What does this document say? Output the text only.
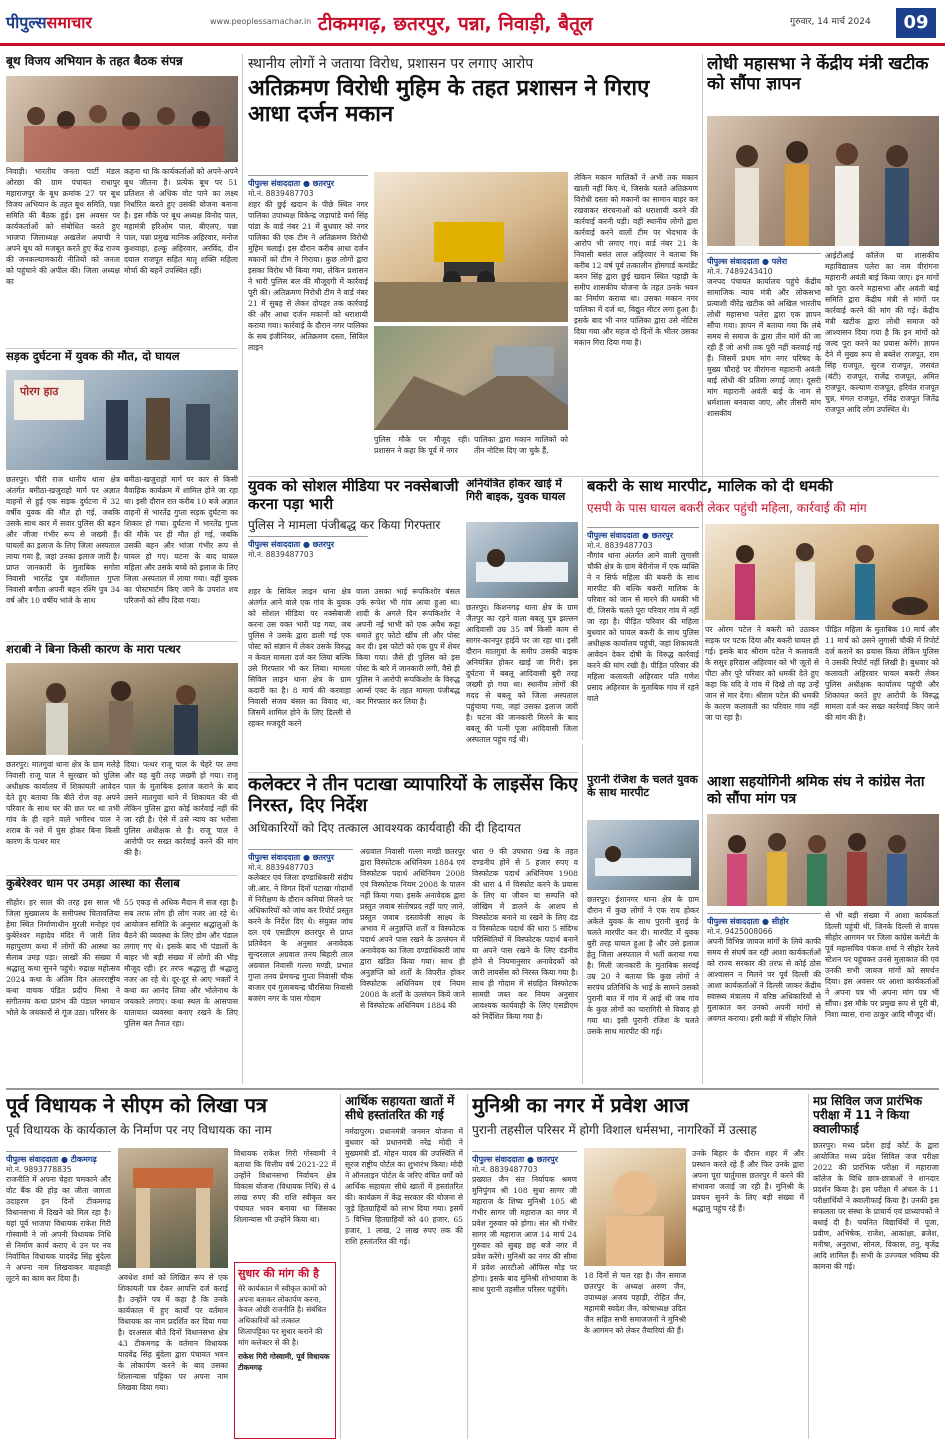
पीपुल्ससमाचार	www.peoplessamachar.in टीकमगढ़, छतरपुर, पन्ना, निवाड़ी, बैतूल	गुरुवार, 14 मार्च 2024	09
बूथ विजय अभियान के तहत बैठक संपन्न
निवाड़ी। भारतीय जनता पार्टी मंडल ओरछा की ग्राम पंचायत राधापुर महाराजपुर के बूथ क्रमांक 27 पर बूथ विजय अभियान के तहत बूथ समिति, पन्ना समिति की बैठक हुई। इस अवसर पर कार्यकर्ताओं को संबोधित करते हुए भाजपा जिलाध्यक्ष अखलेश अयाची ने अपने बूथ को मजबूत करते हुए केंद्र राज्य की जनकल्याणकारी नीतियों को जनता को पहुंचाने की अपील की। जिला अध्यक्ष का
कहना था कि कार्यकर्ताओं को अपने-अपने बूथ जीतना है। प्रत्येक बूथ पर 51 प्रतिशत से अधिक वोट पाने का लक्ष्य निर्धारित करते हुए उसकी योजना बनाना है। इस मौके पर बूथ अध्यक्ष विनोद पाल, महामंत्री हरिओम पाल, बीएलए, पन्ना पाल, पन्ना प्रमुख मानिक अहिरवार, मनोज कुशवाहा, हल्कू अहिरवार, अरविंद, दीन दयाल राजपूत सहित मातृ शक्ति महिला मोर्चा की बहनें उपस्थित रहीं।
सड़क दुर्घटना में युवक की मौत, दो घायल
पोरग हाउ
छतरपुर। चौरी राज थानीय थाना क्षेत्र अंतर्गत बमीठा-खजुराहो मार्ग पर अज्ञात वाहनों से हुई एक सड़क दुर्घटना में 32 वर्षीय युवक की मौत हो गई, जबकि उसके साथ कार में सवार पुलिस की बहन और जीजा गंभीर रूप से जख्मी हैं। घायलों का इलाज के लिए जिला अस्पताल लाया गया है, जहां उनका इलाज जारी है। प्राप्त जानकारी के मुताबिक सगोरा निवासी भारतेंद्र पुत्र वंशीलाल गुप्ता निवासी बगौता अपनी बहन रश्मि पुत्र 34 वर्ष और 10 वर्षीय भांजे के साथ
बमीठा-खजुराहो मार्ग पर कार से किसी वैवाहिक कार्यक्रम में शामिल होने जा रहा था। इसी दौरान रात करीब 10 बजे अज्ञात वाहनों से भारतेंद्र गुप्ता सड़क दुर्घटना का शिकार हो गया। दुर्घटना में भारतेंद्र गुप्ता की मौके पर ही मौत हो गई, जबकि उसकी बहन और भांजा गंभीर रूप से घायल हो गए। घटना के बाद घायल महिला और उसके बच्चे को इलाज के लिए जिला अस्पताल में लाया गया। वहीं युवक का पोस्टमार्टम किए जाने के उपरांत शव परिजनों को सौंप दिया गया।
शराबी ने बिना किसी कारण के मारा पत्थर
छतरपुर। मातगुवां थाना क्षेत्र के ग्राम मलेहे निवासी राजू पाल ने सुरखार को पुलिस अधीक्षक कार्यालय में शिकायती आवेदन देते हुए बताया कि बीते रोज वह अपने परिवार के साथ घर की छत पर था तभी गांव के ही रहने वाले भगीरथ पाल ने शराब के नशे में घुस होकर बिना किसी कारण के पत्थर मार
दिया। पत्थर राजू पाल के चेहरे पर लगा और वह बुरी तरह जख्मी हो गया। राजू पाल के मुताबिक इलाज कराने के बाद उसने मातगुवां थाने में शिकायत की थी लेकिन पुलिस द्वारा कोई कार्रवाई नहीं की जा रही है। ऐसे में उसे न्याय का भरोसा पुलिस अधीक्षक से है। राजू पाल ने आरोपी पर सख्त कार्रवाई करने की मांग की है।
कुबेरेश्वर धाम पर उमड़ा आस्था का सैलाब
सीहोर। हर साल की तरह इस साल भी जिला मुख्यालय के समीपस्थ चितावलिया हेमा स्थित निर्माणाधीन मुरली मनोहर एवं कुबेरेश्वर महादेव मंदिर में जारी शिव महापुराण कथा में लोगों की आस्था का सैलाब उमड़ पड़ा। लाखों की संख्या में श्रद्धालु कथा सुनने पहुंचे। रुद्राक्ष महोत्सव 2024 कथा के अंतिम दिन अंतरराष्ट्रीय कथा वाचक पंडित प्रदीप मिश्रा ने संगीतमय कथा प्रारंभ की पंडाल भगवान भोले के जयकारों से गूंज उठा। परिसर के
55 एकड़ से अधिक मैदान में सज रहा है। सब तरफ लोग ही लोग नजर आ रहे थे। आयोजन समिति के अनुसार श्रद्धालुओं के बैठने की व्यवस्था के लिए डोम और पंडाल लगाए गए थे। इसके बाद भी पंडालों के बाहर भी बड़ी संख्या में लोगों की भीड़ मौजूद रही। हर तरफ श्रद्धालु ही श्रद्धालु नजर आ रहे थे। दूर-दूर से आए भक्तों ने कथा का आनंद लिया और भोलेनाथ के जयकारे लगाए। कथा स्थल के आसपास यातायात व्यवस्था बनाए रखने के लिए पुलिस बल तैनात रहा।
स्थानीय लोगों ने जताया विरोध, प्रशासन पर लगाए आरोप
अतिक्रमण विरोधी मुहिम के तहत प्रशासन ने गिराए आधा दर्जन मकान
पीपुल्स संवाददाता ● छतरपुर
मो.नं. 8839487703
शहर की छुई खदान के पीछे स्थित नगर पालिका उपाध्यक्ष विकेन्द्र जड़ापांडे वर्मा सिंह पांडा के वार्ड नंबर 21 में बुधवार को नगर पालिका की एक टीम ने अतिक्रमण विरोधी मुहिम चलाई। इस दौरान करीब आधा दर्जन मकानों को टीम ने गिराया। कुछ लोगों द्वारा इसका विरोध भी किया गया, लेकिन प्रशासन ने भारी पुलिस बल की मौजूदगी में कार्रवाई पूरी की। अतिक्रमण निरोधी टीम ने वार्ड नंबर 21 में सुबह से लेकर दोपहर तक कार्रवाई की और आधा दर्जन मकानों को धराशायी कराया गया। कार्रवाई के दौरान नगर पालिका के सब इंजीनियर, अतिक्रमण दस्ता, सिविल लाइन
पुलिस मौके पर मौजूद रही। प्रशासन ने कहा कि पूर्व में नगर
पालिका द्वारा मकान मालिकों को तीन नोटिस दिए जा चुके हैं,
लेकिन मकान मालिकों ने अभी तक मकान खाली नहीं किए थे, जिसके चलते अतिक्रमण विरोधी दस्ता को मकानों का सामान बाहर कर रखवाकर संरचनाओं को धराशायी करने की कार्रवाई करनी पड़ी। वहीं स्थानीय लोगों द्वारा कार्रवाई करने वालों टीम पर भेदभाव के आरोप भी लगाए गए। वार्ड नंबर 21 के निवासी बसंत लाल अहिरवार ने बताया कि करीब 12 वर्ष पूर्व तत्कालीन होमगार्ड कमांडेंट करन सिंह द्वारा छुई खदान स्थित पहाड़ी के समीप शासकीय योजना के तहत उनके भवन का निर्माण कराया था। उसका मकान नगर पालिका में दर्ज था, विद्युत मीटर लगा हुआ है। इसके बाद भी नगर पालिका द्वारा उसे नोटिस दिया गया और महज दो दिनों के भीतर उसका मकान गिरा दिया गया है।
लोधी महासभा ने केंद्रीय मंत्री खटीक को सौंपा ज्ञापन
पीपुल्स संवाददाता ● पलेरा
मो.नं. 7489243410
जनपद पंचायत कार्यालय पहुंचे केंद्रीय सामाजिक न्याय मंत्री और लोकसभा प्रत्याशी वीरेंद्र खटीक को अखिल भारतीय लोधी महासभा पलेरा द्वारा एक ज्ञापन सौंपा गया। ज्ञापन में बताया गया कि लंबे समय से समाज के द्वारा तीन मांगें की जा रही हैं जो अभी तक पूरी नहीं करवाई गई हैं। जिसमें प्रथम मांग नगर परिषद के मुख्य चौराहे पर वीरांगना महारानी अवंती बाई लोधी की प्रतिमा लगाई जाए। दूसरी मांग महारानी अवंती बाई के नाम से धर्मशाला बनवाया जाए, और तीसरी मांग शासकीय
आईटीआई कॉलेज या शासकीय महाविद्यालय पलेरा का नाम वीरांगना महारानी अवंती बाई किया जाए। इन मांगों को पूरा करने महासभा और अवंती बाई समिति द्वारा केंद्रीय मंत्री से मांगों पर कार्रवाई करने की मांग की गई। केंद्रीय मंत्री खटीक द्वारा लोधी समाज को आश्वासन दिया गया है कि इन मांगों को जल्द पूरा करने का प्रयास करेंगे। ज्ञापन देने में मुख्य रूप से बब्लेश राजपूत, राम सिंह राजपूत, सुरज राजपूत, जसवंत (बंटी) राजपूत, राजेंद्र राजपूत, अमित राजपूत, कल्याण राजपूत, हरिवंत राजपूत चुन्न, मंगल राजपूत, रविंद्र राजपूत जितेंद्र राजपूत आदि लोग उपस्थित थे।
युवक को सोशल मीडिया पर नक्सेबाजी करना पड़ा भारी
पुलिस ने मामला पंजीबद्ध कर किया गिरफ्तार
पीपुल्स संवाददाता ● छतरपुर
मो.नं. 8839487703
शहर के सिविल लाइन थाना क्षेत्र अंतर्गत आने वाले एक गांव के युवक को सोशल मीडिया पर नक्सेबाजी करना उस वक्त भारी पड़ गया, जब पुलिस ने उसके द्वारा डाली गई एक पोस्ट को संज्ञान में लेकर उसके विरुद्ध न केवल मामला दर्ज कर लिया बल्कि उसे गिरफ्तार भी कर लिया। मामला सिविल लाइन थाना क्षेत्र के ग्राम कदारी का है। 8 मार्च की करवाहा निवासी संजय बंसल का विवाद था, जिसमें शामिल होने के लिए डिल्ली से रहकर मजदूरी करने
वाला उसका भाई रूपकिशोर बंसल उर्फ रूपेश भी गांव आया हुआ था। शादी के अगले दिन रूपकिशोर ने अपनी नई भाभी को एक अवैध कट्टा थमाते हुए फोटो खींच ली और पोस्ट कर दी। इस फोटो को एक ग्रुप में शेयर किया गया। जैसे ही पुलिस को इस पोस्ट के बारे में जानकारी लगी, वैसे ही पुलिस ने आरोपी रूपकिशोर के विरुद्ध आर्म्स एक्ट के तहत मामला पंजीबद्ध कर गिरफ्तार कर लिया है।
अनियंत्रित होकर खाई में गिरी बाइक, युवक घायल
छतरपुर। किशनगढ़ थाना क्षेत्र के ग्राम जैतपुर का रहने वाला बबलू पुत्र झल्लन आदिवासी उम्र 35 वर्ष किसी काम से सागर-कानपुर हाईवे पर जा रहा था। इसी दौरान मातगुवां के समीप उसकी बाइक अनियंत्रित होकर खाई जा गिरी। इस दुर्घटना में बबलू आदिवासी बुरी तरह जख्मी हो गया था। स्थानीय लोगों की मदद से बबलू को जिला अस्पताल पहुंचाया गया, जहां उसका इलाज जारी है। घटना की जानकारी मिलने के बाद बबलू की पत्नी पूजा आदिवासी जिला अस्पताल पहुंच गई थी।
बकरी के साथ मारपीट, मालिक को दी धमकी
एसपी के पास घायल बकरी लेकर पहुंची महिला, कार्रवाई की मांग
पीपुल्स संवाददाता ● छतरपुर
मो.नं. 8839487703
नौगांव थाना अंतर्गत आने वाली लुगासी चौकी क्षेत्र के ग्राम बेरीनोज में एक व्यक्ति ने न सिर्फ महिला की बकरी के साथ मारपीट की बल्कि बकरी मालिक के परिवार को जान से मारने की धमकी भी दी, जिसके चलते पूरा परिवार गांव में नहीं जा रहा है। पीड़ित परिवार की महिला बुधवार को घायल बकरी के साथ पुलिस अधीक्षक कार्यालय पहुंची, जहां शिकायती आवेदन देकर दोषी के विरुद्ध कार्रवाई करने की मांग रखी है। पीड़ित परिवार की महिला कलावती अहिरवार पति गणेश प्रसाद अहिरवार के मुताबिक गांव में रहने वाले
पर ओरम पटेल ने बकरी को उठाकर सड़क पर पटक दिया और बकरी घायल हो गई। इसके बाद श्रीराम पटेल ने कलावती के ससुर हरिदास अहिरवार को भी जूतों से पीटा और पूरे परिवार को धमकी देते हुए कहा कि यदि वे गांव में दिखे तो वह उन्हें जान से मार देगा। श्रीराम पटेल की धमकी के कारण कलावती का परिवार गांव नहीं जा पा रहा है।
पीड़ित महिला के मुताबिक 10 मार्च और 11 मार्च को उसने लुगासी चौकी में रिपोर्ट दर्ज कराने का प्रयास किया लेकिन पुलिस ने उसकी रिपोर्ट नहीं लिखी है। बुधवार को कलावती अहिरवार घायल बकरी लेकर पुलिस अधीक्षक कार्यालय पहुंची और शिकायत करते हुए आरोपी के विरुद्ध मामला दर्ज कर सख्त कार्रवाई किए जाने की मांग की है।
कलेक्टर ने तीन पटाखा व्यापारियों के लाइसेंस किए निरस्त, दिए निर्देश
अधिकारियों को दिए तत्काल आवश्यक कार्यवाही की दी हिदायत
पीपुल्स संवाददाता ● छतरपुर
मो.नं. 8839487703
कलेक्टर एवं जिला दण्डाधिकारी संदीप जी.आर. ने विगत दिनों पटाखा गोदामों में निरीक्षण के दौरान कमियां मिलने पर अधिकारियों को जांच कर रिपोर्ट प्रस्तुत करने के निर्देश दिए थे। संयुक्त जांच दल एवं एसडीएम छतरपुर से प्राप्त प्रतिवेदन के अनुसार अनावेदक सुन्दरलाल अग्रवाल तनय बिहारी लाल अग्रवाल निवासी गल्ला मण्डी, प्रभात गुप्ता तनय प्रेमचन्द्र गुप्ता निवासी चौक बाजार एवं गुलाबचन्द्र चौरसिया निवासी बजरंग नगर के पास गोदाम
अग्रवाल निवासी गल्ला मण्डी छतरपुर द्वारा विस्फोटक अधिनियम 1884 एवं विस्फोटक पदार्थ अधिनियम 2008 एवं विस्फोटक नियम 2008 के पालन नहीं किया गया। इसके अनावेदक द्वारा प्रस्तुत जवाब संतोषप्रद नहीं पाए जाने, प्रस्तुत जवाब दस्तावेजी साक्ष्य के अभाव में अनुज्ञप्ति शर्तों व विस्फोटक पदार्थ अपने पास रखने के उल्लंघन में अनावेदक का जिला दण्डाधिकारी जांच द्वारा खंडित किया गया। साथ ही अनुज्ञप्ति को शर्तों के विपरीत होकर विस्फोटक अधिनियम एवं नियम 2008 के शर्तों के उल्लंघन किये जाने से विस्फोटक अधिनियम 1884 की
धारा 9 की उपधारा 9ख के तहत दण्डनीय होने से 5 हजार रुपए व विस्फोटक पदार्थ अधिनियम 1908 की धारा 4 में विस्फोट करने के प्रयास के लिए या जीवन या सम्पत्ति को जोखिम में डालने के आशय से विस्फोटक बनाने या रखने के लिए दंड व विस्फोटक पदार्थ की धारा 5 संदिग्ध परिस्थितियों में विस्फोटक पदार्थ बनाने या अपने पास रखने के लिए दंडनीय होने से नियमानुसार अनावेदकों को जारी लायसेंस को निरस्त किया गया है। साथ ही गोदाम में संग्रहित विस्फोटक सामग्री जब्त कर नियम अनुसार आवश्यक कार्यवाही के लिए एसडीएम को निर्देशित किया गया है।
पुरानी रंजिश के चलते युवक के साथ मारपीट
छतरपुर। ईशानगर थाना क्षेत्र के ग्राम दौरान में कुछ लोगों ने एक राय होकर अकेले युवक के साथ पुरानी बुराई के चलते मारपीट कर दी। मारपीट में युवक बुरी तरह घायल हुआ है और उसे इलाज हेतु जिला अस्पताल में भर्ती कराया गया है। मिली जानकारी के मुताबिक सरवई उम्र 20 ने बताया कि कुछ लोगों ने सरपंच प्रतिनिधि के भाई के सामने उसको पुरानी बात में गांव में आई थी जब गांव के कुछ लोगों का चारागिरी से विवाद हो गया था। इसी पुरानी रंजिश के चलते उसके साथ मारपीट की गई।
आशा सहयोगिनी श्रमिक संघ ने कांग्रेस नेता को सौंपा मांग पत्र
पीपुल्स संवाददाता ● सीहोर
मो.नं. 9425008066
अपनी विभिन्न जायज मांगों के लिये काफी समय से संघर्ष कर रही आशा कार्यकर्ताओं को राज्य सरकार की तरफ से कोई ठोस आश्वासन न मिलने पर पूर्व दिल्ली की आशा कार्यकर्ताओं ने दिल्ली जाकर केंद्रीय स्वास्थ्य मंत्रालय में वरिष्ठ अधिकारियों से मुलाकात कर उनको अपनी मांगों से अवगत कराया। इसी कड़ी में सीहोर जिले
से भी बड़ी संख्या में आशा कार्यकर्ता दिल्ली पहुंची थीं, जिनके दिल्ली से वापस सीहोर आगमन पर जिला कांग्रेस कमेटी के पूर्व महासचिव पंकज शर्मा ने सीहोर रेलवे स्टेशन पर पहुंचकर उनसे मुलाकात की एवं उनकी सभी जायज मांगों को समर्थन दिया। इस अवसर पर आशा कार्यकर्ताओं ने अपना पत्र भी अपना मांग पत्र भी सौंपा। इस मौके पर प्रमुख रूप से पूरी बी, निशा व्यास, राना ठाकुर आदि मौजूद थीं।
पूर्व विधायक ने सीएम को लिखा पत्र
पूर्व विधायक के कार्यकाल के निर्माण पर नए विधायक का नाम
पीपुल्स संवाददाता ● टीकमगढ़
मो.नं. 9893778835
राजनीति में अपना चेहरा चमकाने और वोट बैंक की होड़ का जीता जागता उदाहरण इन दिनों टीकमगढ़ विधानसभा में दिखने को मिल रहा है। यहां पूर्व भाजपा विधायक राकेश गिरी गोस्वामी ने जो अपनी विधायक निधि से निर्माण कार्य कराए थे उन पर नव निर्वाचित विधायक यादवेंद्र सिंह बुंदेला ने अपना नाम लिखवाकर वाहवाही लूटने का काम कर दिया है।	अवधेश शर्मा को लिखित रूप से एक शिकायती पत्र देकर आपत्ति दर्ज कराई है। उन्होंने पत्र में कहा है कि उनके कार्यकाल में हुए कार्यों पर वर्तमान विधायक का नाम प्रदर्शित कर दिया गया है। दरअसल बीते दिनों विधानसभा क्षेत्र 43 टीकमगढ़ के वर्तमान विधायक यादवेंद्र सिंह बुंदेला द्वारा पंचायत भवन के लोकार्पण करने के बाद उसका शिलान्यास पट्टिका पर अपना नाम लिखवा दिया गया।
विधायक राकेश गिरी गोस्वामी ने बताया कि वित्तीय वर्ष 2021-22 में उन्होंने विधानसभा निर्वाचन क्षेत्र विकास योजना (विधायक निधि) से 4 लाख रुपए की राशि स्वीकृत कर पंचायत भवन बनाया था जिसका शिलान्यास भी उन्होंने किया था।
सुधार की मांग की है
मेरे कार्यकाल में स्वीकृत कामों को अपना बताकर लोकार्पण करना, केवल ओछी राजनीति है। संबंधित अधिकारियों को तत्काल शिलापट्टिका पर सुधार कराने की मांग कलेक्टर से की है।
राकेश गिरी गोस्वामी, पूर्व विधायक टीकमगढ़
आर्थिक सहायता खातों में सीधे हस्तांतरित की गई
नर्मदापुरम। प्रधानमंत्री जनमन योजना में बुधवार को प्रधानमंत्री नरेंद्र मोदी ने मुख्यमंत्री डॉ. मोहन यादव की उपस्थिति में सूरज राष्ट्रीय पोर्टल का शुभारंभ किया। मोदी ने ऑनलाइन पोर्टल के जरिए वंचित वर्गों को आर्थिक सहायता सीधे खातों में हस्तांतरित की। कार्यक्रम में केंद्र सरकार की योजना से जुड़े हितग्राहियों को लाभ दिया गया। इसमें 5 विभिन्न हितग्राहियों को 40 हजार, 65 हजार, 1 लाख, 2 लाख रुपए तक की राशि हस्तांतरित की गई।
मुनिश्री का नगर में प्रवेश आज
पुरानी तहसील परिसर में होगी विशाल धर्मसभा, नागरिकों में उत्साह
पीपुल्स संवाददाता ● छतरपुर
मो.नं. 8839487703
प्रख्यात जैन संत निर्यापक श्रमण मुनिपुंगव श्री 108 सुधा सागर जी महाराज के शिष्य मुनिश्री 105 श्री गंभीर सागर जी महाराज का नगर में प्रवेश गुरुवार को होगा। संत श्री गंभीर सागर जी महाराज आज 14 मार्च 24 गुरुवार को सुबह छह बजे नगर में प्रवेश करेंगे। मुनिश्री का नगर की सीमा में प्रवेश आरटीओ ऑफिस मोड़ पर होगा। इसके बाद मुनिश्री शोभायात्रा के साथ पुरानी तहसील परिसर पहुंचेंगे।
18 दिनों से चल रहा है। जैन समाज छतरपुर के अध्यक्ष अरुण जैन, उपाध्यक्ष अजय पहाड़ी, रोहित जैन, महामंत्री स्वदेश जैन, कोषाध्यक्ष उदित जैन सहित सभी समाजजनों ने मुनिश्री के आगमन को लेकर तैयारियां की हैं।
उनके बिहार के दौरान शहर में और प्रस्थान करते रहे हैं और फिर उनके द्वारा अपना पूरा चार्तुमास छतरपुर में करने की संभावना जताई जा रही है। मुनिश्री के प्रवचन सुनने के लिए बड़ी संख्या में श्रद्धालु पहुंच रहे हैं।
मप्र सिविल जज प्रारंभिक परीक्षा में 11 ने किया क्वालीफाई
छतरपुर। मध्य प्रदेश हाई कोर्ट के द्वारा आयोजित मध्य प्रदेश सिविल जज परीक्षा 2022 की प्रारंभिक परीक्षा में महाराजा कॉलेज के विधि छात्र-छात्राओं ने शानदार प्रदर्शन किया है। इस परीक्षा में अंचल के 11 परीक्षार्थियों ने क्वालीफाई किया है। उनकी इस सफलता पर संस्था के प्राचार्य एवं प्राध्यापकों ने बधाई दी है। चयनित विद्यार्थियों में पूजा, प्रवीण, अभिषेक, राजेश, आकांक्षा, ब्रजेश, मनीषा, अनुराधा, सोनल, विकास, तनु, बृजेंद्र आदि शामिल हैं। सभी के उज्ज्वल भविष्य की कामना की गई।
